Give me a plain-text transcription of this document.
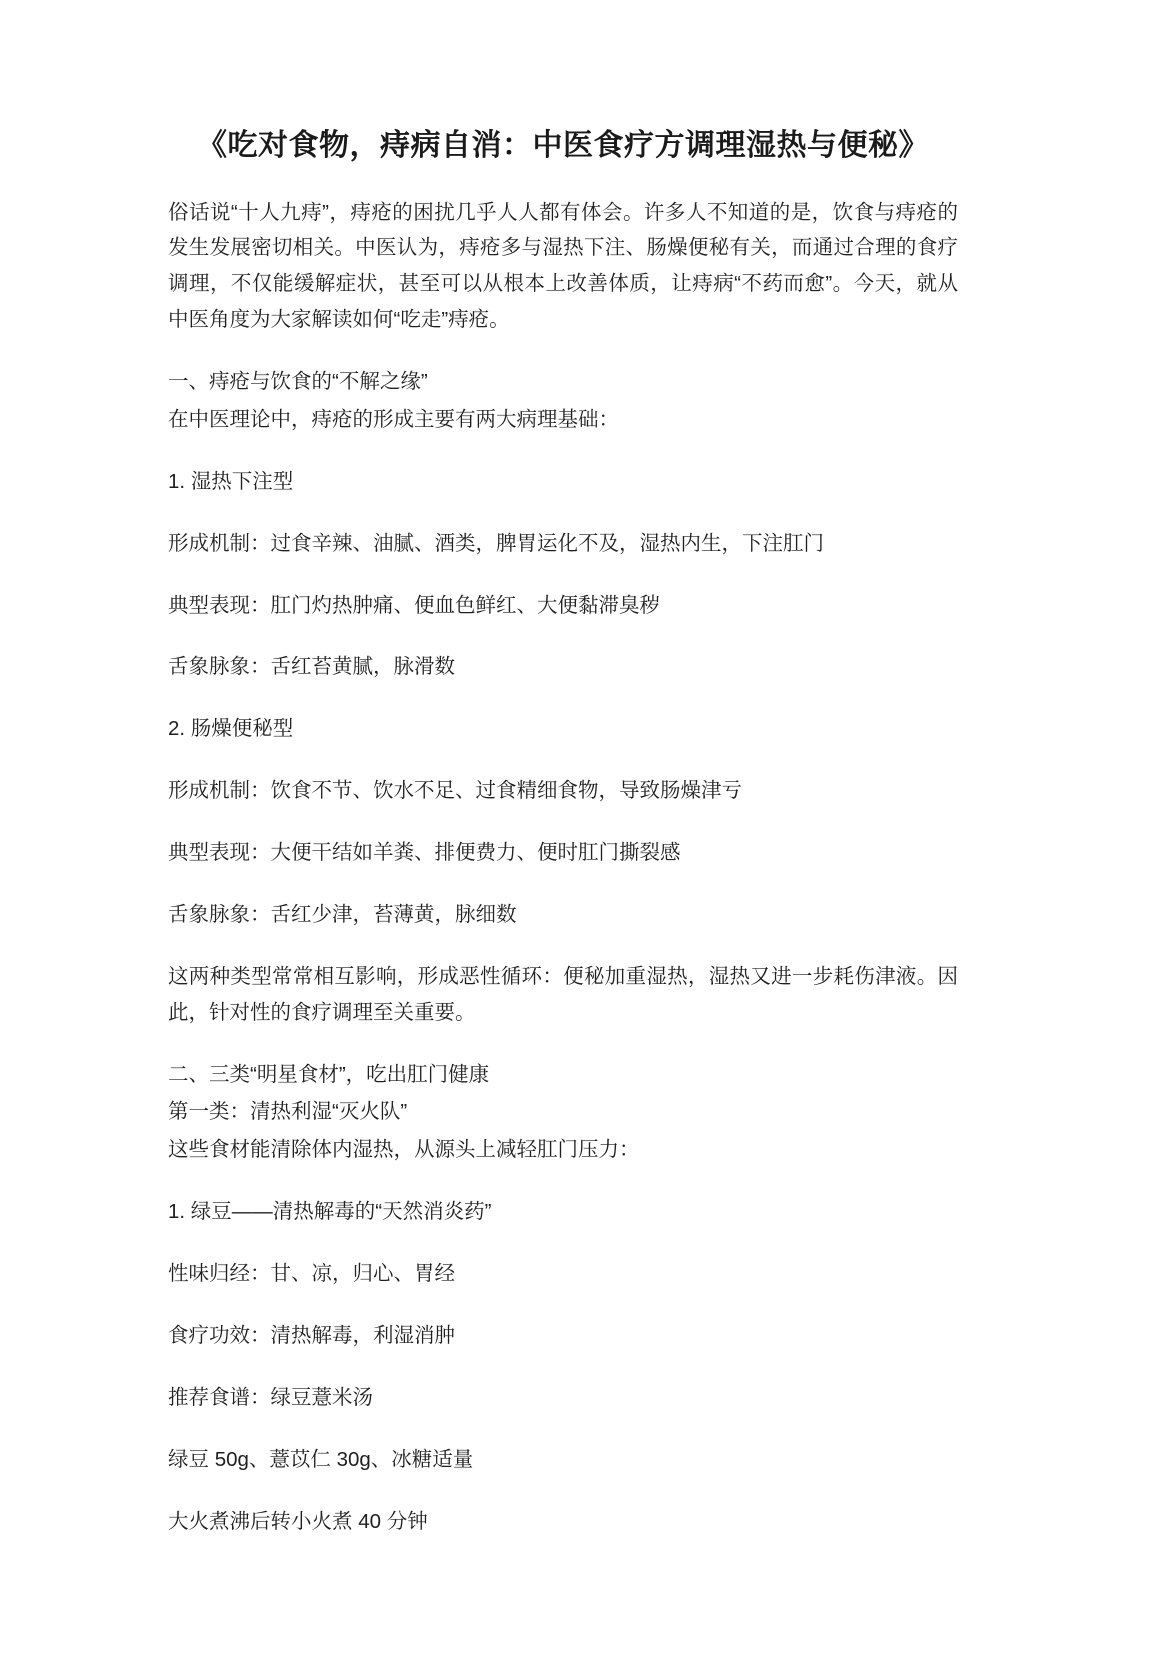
《吃对食物，痔病自消：中医食疗方调理湿热与便秘》

俗话说“十人九痔”，痔疮的困扰几乎人人都有体会。许多人不知道的是，饮食与痔疮的发生发展密切相关。中医认为，痔疮多与湿热下注、肠燥便秘有关，而通过合理的食疗调理，不仅能缓解症状，甚至可以从根本上改善体质，让痔病“不药而愈”。今天，就从中医角度为大家解读如何“吃走”痔疮。

一、痔疮与饮食的“不解之缘”

在中医理论中，痔疮的形成主要有两大病理基础：

1. 湿热下注型

形成机制：过食辛辣、油腻、酒类，脾胃运化不及，湿热内生，下注肛门

典型表现：肛门灼热肿痛、便血色鲜红、大便黏滞臭秽

舌象脉象：舌红苔黄腻，脉滑数

2. 肠燥便秘型

形成机制：饮食不节、饮水不足、过食精细食物，导致肠燥津亏

典型表现：大便干结如羊粪、排便费力、便时肛门撕裂感

舌象脉象：舌红少津，苔薄黄，脉细数

这两种类型常常相互影响，形成恶性循环：便秘加重湿热，湿热又进一步耗伤津液。因此，针对性的食疗调理至关重要。

二、三类“明星食材”，吃出肛门健康

第一类：清热利湿“灭火队”

这些食材能清除体内湿热，从源头上减轻肛门压力：

1. 绿豆——清热解毒的“天然消炎药”

性味归经：甘、凉，归心、胃经

食疗功效：清热解毒，利湿消肿

推荐食谱：绿豆薏米汤

绿豆 50g、薏苡仁 30g、冰糖适量

大火煮沸后转小火煮 40 分钟
